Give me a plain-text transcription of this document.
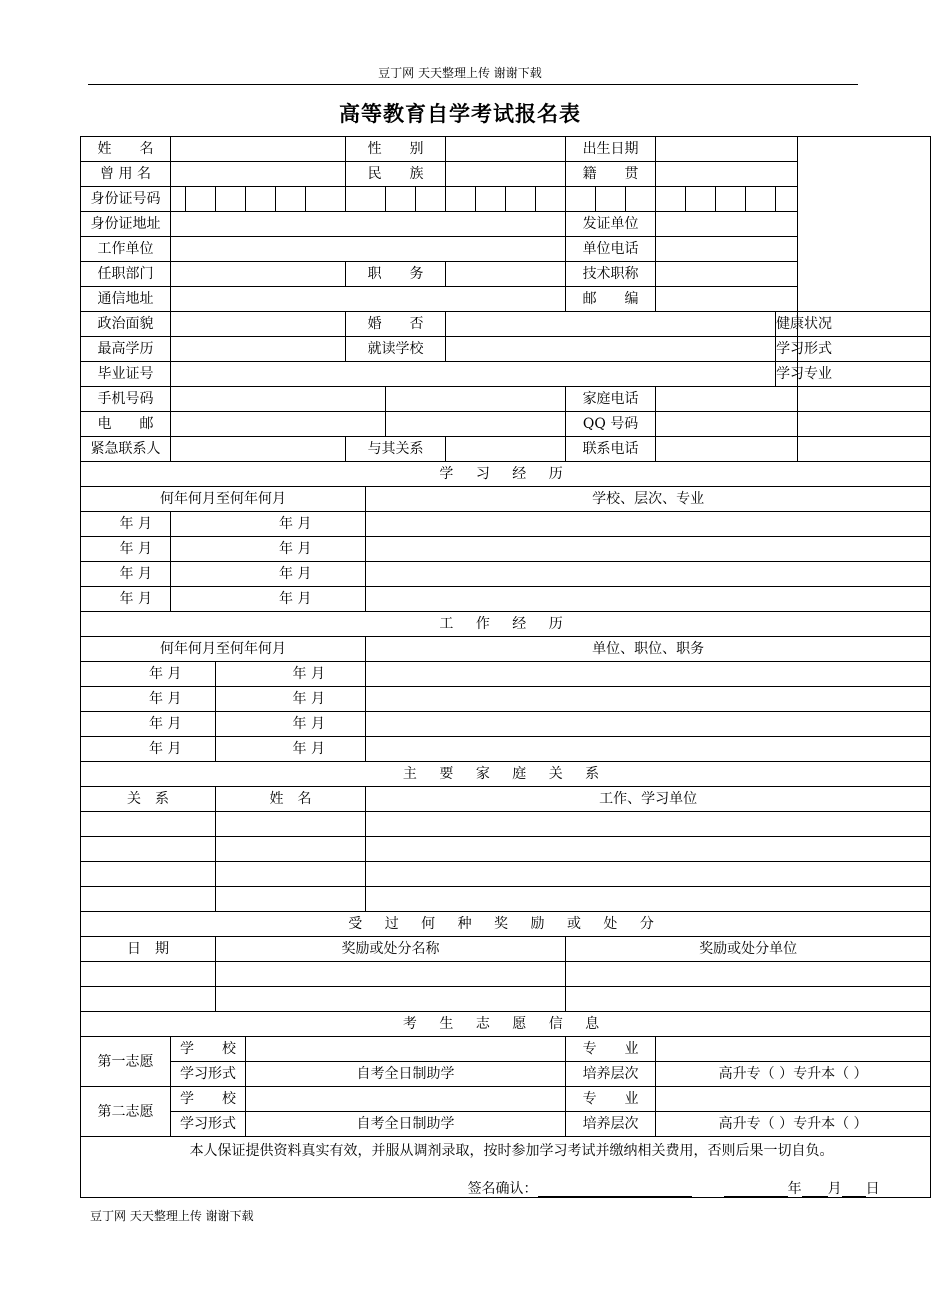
豆丁网 天天整理上传 谢谢下载
高等教育自学考试报名表
姓　　名							性　　别								出生日期								
曾 用 名							民　　族								籍　　贯								
身份证号码																							
身份证地址															发证单位								
工作单位															单位电话								
任职部门							职　　务								技术职称								
通信地址															邮　　编								
政治面貌							婚　　否															健康状况	
最高学历							就读学校															学习形式	
毕业证号																						学习专业	
手机号码															家庭电话								
电　　邮															QQ 号码								
紧急联系人							与其关系								联系电话								
学 习 经 历																							
何年何月至何年何月								学校、层次、专业															
年 月	年 月																						
年 月	年 月																						
年 月	年 月																						
年 月	年 月																						
工 作 经 历																							
何年何月至何年何月								单位、职位、职务															
年 月			年 月																				
年 月			年 月																				
年 月			年 月																				
年 月			年 月																				
主 要 家 庭 关 系																							
关　系			姓　名					工作、学习单位															

受 过 何 种 奖 励 或 处 分																							
日　期			奖励或处分名称												奖励或处分单位								

考 生 志 愿 信 息																							
第一志愿	学　　校														专　　业								
	学习形式			自考全日制助学											培养层次			高升专（ ）专升本（ ）					
第二志愿	学　　校														专　　业								
	学习形式			自考全日制助学											培养层次			高升专（ ）专升本（ ）					

本人保证提供资料真实有效，并服从调剂录取，按时参加学习考试并缴纳相关费用，否则后果一切自负。
签名确认： 年 月 日																							
豆丁网 天天整理上传 谢谢下载
